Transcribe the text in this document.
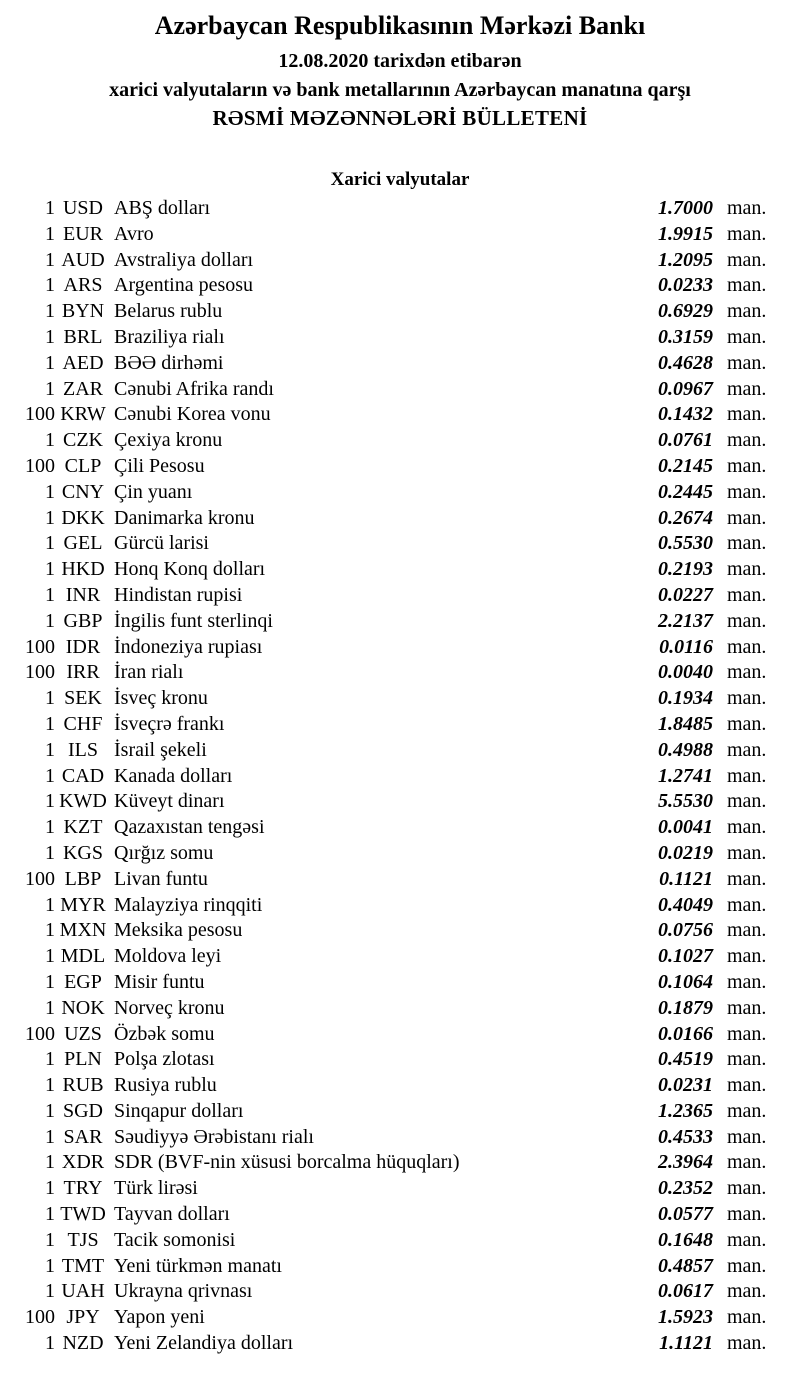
Azərbaycan Respublikasının Mərkəzi Bankı
12.08.2020 tarixdən etibarən
xarici valyutaların və bank metallarının Azərbaycan manatına qarşı
RƏSMİ MƏZƏNNƏLƏRİ BÜLLETENİ
Xarici valyutalar
1 USD ABŞ dolları	1.7000 man.
1 EUR Avro	1.9915 man.
1 AUD Avstraliya dolları	1.2095 man.
1 ARS Argentina pesosu	0.0233 man.
1 BYN Belarus rublu	0.6929 man.
1 BRL Braziliya rialı	0.3159 man.
1 AED BƏƏ dirhəmi	0.4628 man.
1 ZAR Cənubi Afrika randı	0.0967 man.
100 KRW Cənubi Korea vonu	0.1432 man.
1 CZK Çexiya kronu	0.0761 man.
100 CLP Çili Pesosu	0.2145 man.
1 CNY Çin yuanı	0.2445 man.
1 DKK Danimarka kronu	0.2674 man.
1 GEL Gürcü larisi	0.5530 man.
1 HKD Honq Konq dolları	0.2193 man.
1 INR Hindistan rupisi	0.0227 man.
1 GBP İngilis funt sterlinqi	2.2137 man.
100 IDR İndoneziya rupiası	0.0116 man.
100 IRR İran rialı	0.0040 man.
1 SEK İsveç kronu	0.1934 man.
1 CHF İsveçrə frankı	1.8485 man.
1 ILS İsrail şekeli	0.4988 man.
1 CAD Kanada dolları	1.2741 man.
1 KWD Küveyt dinarı	5.5530 man.
1 KZT Qazaxıstan tengəsi	0.0041 man.
1 KGS Qırğız somu	0.0219 man.
100 LBP Livan funtu	0.1121 man.
1 MYR Malayziya rinqqiti	0.4049 man.
1 MXN Meksika pesosu	0.0756 man.
1 MDL Moldova leyi	0.1027 man.
1 EGP Misir funtu	0.1064 man.
1 NOK Norveç kronu	0.1879 man.
100 UZS Özbək somu	0.0166 man.
1 PLN Polşa zlotası	0.4519 man.
1 RUB Rusiya rublu	0.0231 man.
1 SGD Sinqapur dolları	1.2365 man.
1 SAR Səudiyyə Ərəbistanı rialı	0.4533 man.
1 XDR SDR (BVF-nin xüsusi borcalma hüquqları)	2.3964 man.
1 TRY Türk lirəsi	0.2352 man.
1 TWD Tayvan dolları	0.0577 man.
1 TJS Tacik somonisi	0.1648 man.
1 TMT Yeni türkmən manatı	0.4857 man.
1 UAH Ukrayna qrivnası	0.0617 man.
100 JPY Yapon yeni	1.5923 man.
1 NZD Yeni Zelandiya dolları	1.1121 man.
